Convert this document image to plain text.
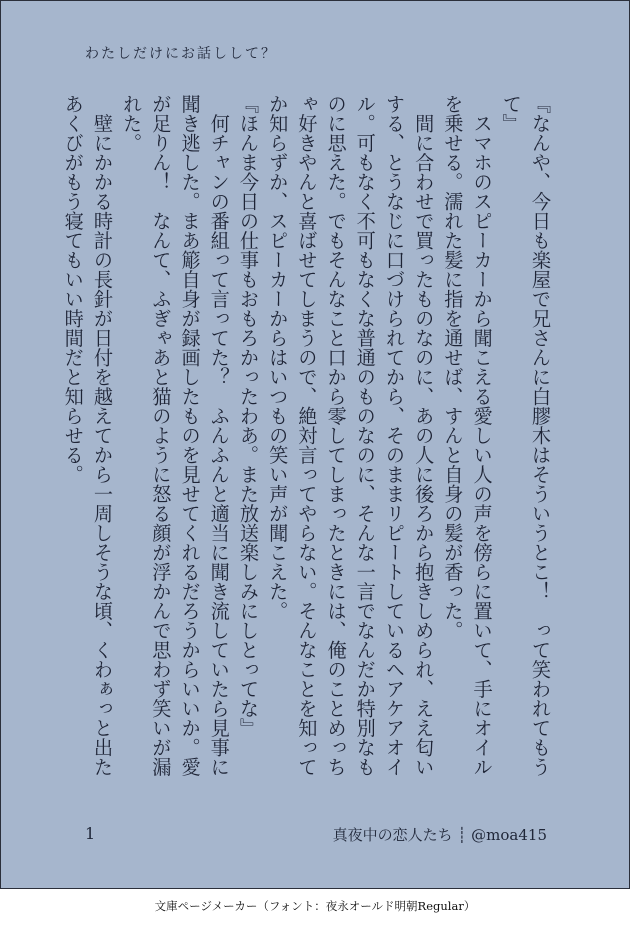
わたしだけにお話しして？

『なんや、今日も楽屋で兄さんに白膠木はそういうとこ！　って笑われてもうて』

　スマホのスピーカーから聞こえる愛しい人の声を傍らに置いて、手にオイルを乗せる。濡れた髪に指を通せば、すんと自身の髪が香った。

　間に合わせで買ったものなのに、あの人に後ろから抱きしめられ、ええ匂いする、とうなじに口づけられてから、そのままリピートしているヘアケアオイル。可もなく不可もなくな普通のものなのに、そんな一言でなんだか特別なものに思えた。でもそんなこと口から零してしまったときには、俺のことめっちゃ好きやんと喜ばせてしまうので、絶対言ってやらない。そんなことを知ってか知らずか、スピーカーからはいつもの笑い声が聞こえた。

『ほんま今日の仕事もおもろかったわあ。また放送楽しみにしとってな』

　何チャンの番組って言ってた？　ふんふんと適当に聞き流していたら見事に聞き逃した。まあ簓自身が録画したものを見せてくれるだろうからいいか。愛が足りん！　なんて、ふぎゃあと猫のように怒る顔が浮かんで思わず笑いが漏れた。

　壁にかかる時計の長針が日付を越えてから一周しそうな頃、くわぁっと出たあくびがもう寝てもいい時間だと知らせる。

1	真夜中の恋人たち ┊ @moa415
文庫ページメーカー（フォント：夜永オールド明朝Regular）
